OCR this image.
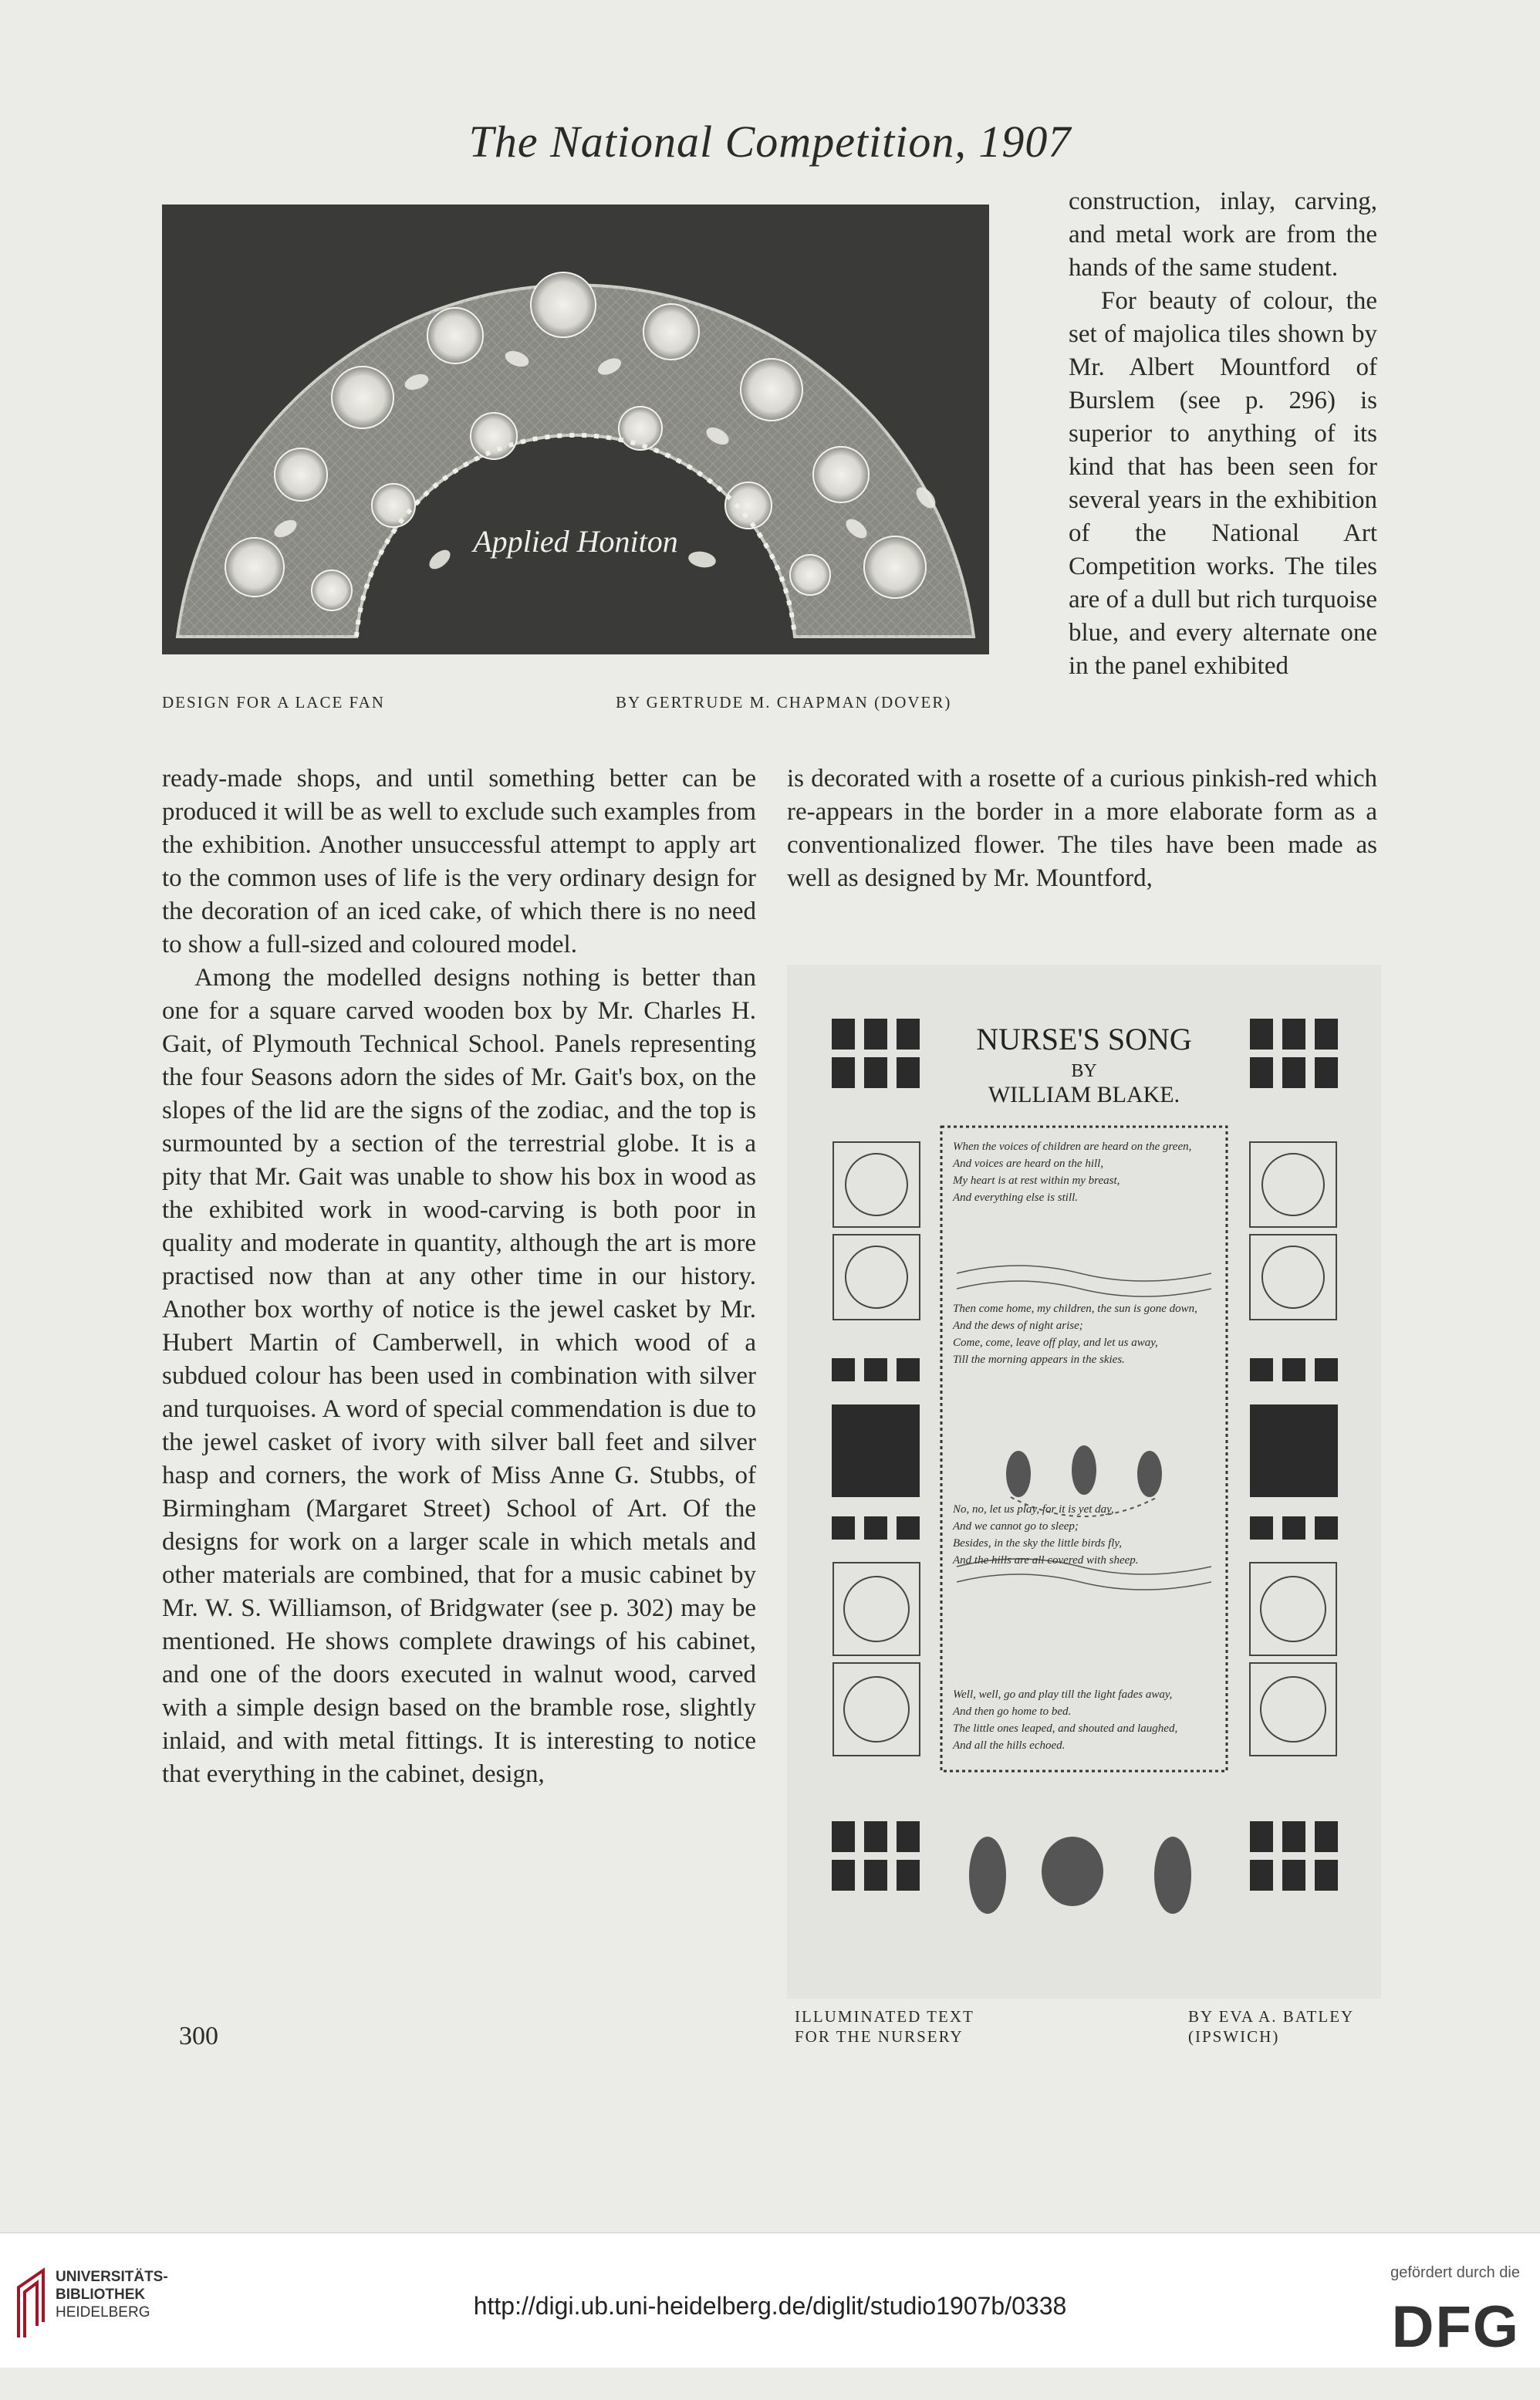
The National Competition, 1907
Applied Honiton
DESIGN FOR A LACE FAN	BY GERTRUDE M. CHAPMAN (DOVER)

construction, inlay, carving, and metal work are from the hands of the same student.

For beauty of colour, the set of majolica tiles shown by Mr. Albert Mountford of Burslem (see p. 296) is superior to anything of its kind that has been seen for several years in the exhibition of the National Art Competition works. The tiles are of a dull but rich turquoise blue, and every alternate one in the panel exhibited

is decorated with a rosette of a curious pinkish-red which re-appears in the border in a more elaborate form as a conventionalized flower. The tiles have been made as well as designed by Mr. Mountford,

ready-made shops, and until something better can be produced it will be as well to exclude such examples from the exhibition. Another unsuccessful attempt to apply art to the common uses of life is the very ordinary design for the decoration of an iced cake, of which there is no need to show a full-sized and coloured model.

Among the modelled designs nothing is better than one for a square carved wooden box by Mr. Charles H. Gait, of Plymouth Technical School. Panels representing the four Seasons adorn the sides of Mr. Gait's box, on the slopes of the lid are the signs of the zodiac, and the top is surmounted by a section of the terrestrial globe. It is a pity that Mr. Gait was unable to show his box in wood as the exhibited work in wood-carving is both poor in quality and moderate in quantity, although the art is more practised now than at any other time in our history. Another box worthy of notice is the jewel casket by Mr. Hubert Martin of Camberwell, in which wood of a subdued colour has been used in combination with silver and turquoises. A word of special commendation is due to the jewel casket of ivory with silver ball feet and silver hasp and corners, the work of Miss Anne G. Stubbs, of Birmingham (Margaret Street) School of Art. Of the designs for work on a larger scale in which metals and other materials are combined, that for a music cabinet by Mr. W. S. Williamson, of Bridgwater (see p. 302) may be mentioned. He shows complete drawings of his cabinet, and one of the doors executed in walnut wood, carved with a simple design based on the bramble rose, slightly inlaid, and with metal fittings. It is interesting to notice that everything in the cabinet, design,

NURSE'S SONG
BY
WILLIAM BLAKE.
When the voices of children are heard on the green,
And voices are heard on the hill,
My heart is at rest within my breast,
And everything else is still.
Then come home, my children, the sun is gone down,
And the dews of night arise;
Come, come, leave off play, and let us away,
Till the morning appears in the skies.
No, no, let us play, for it is yet day,
And we cannot go to sleep;
Besides, in the sky the little birds fly,
And the hills are all covered with sheep.
Well, well, go and play till the light fades away,
And then go home to bed.
The little ones leaped, and shouted and laughed,
And all the hills echoed.
ILLUMINATED TEXT
FOR THE NURSERY
BY EVA A. BATLEY
(IPSWICH)
300
UNIVERSITÄTS-
BIBLIOTHEK
HEIDELBERG	http://digi.ub.uni-heidelberg.de/diglit/studio1907b/0338
gefördert durch die
DFG
